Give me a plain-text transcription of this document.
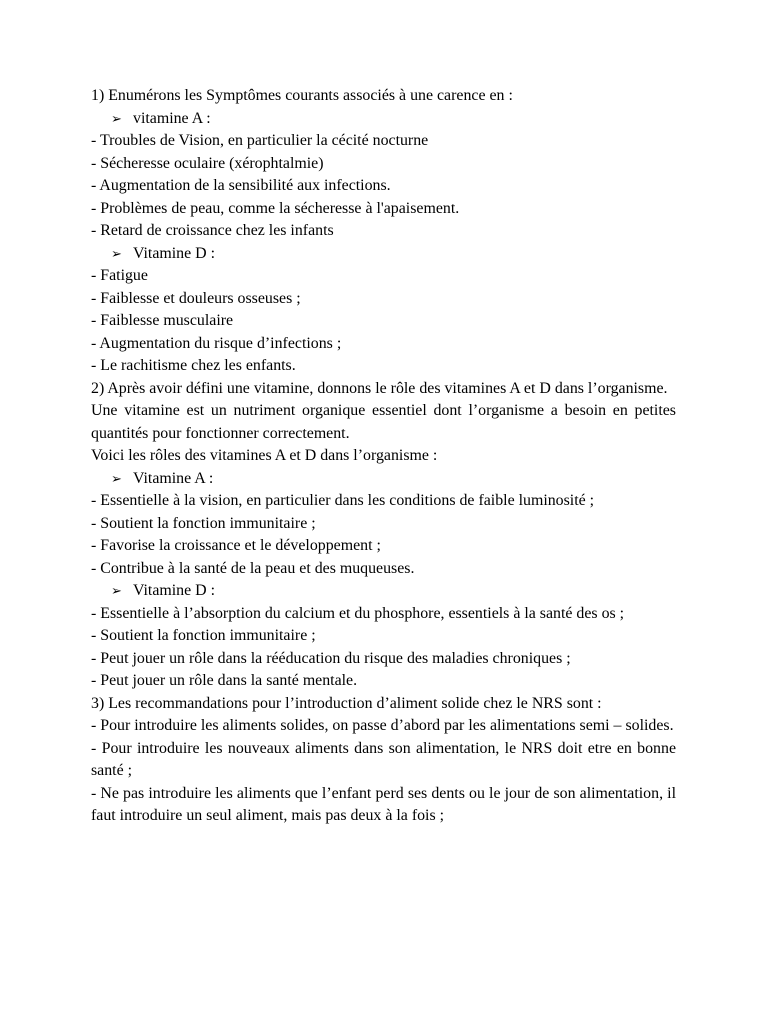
1) Enumérons les Symptômes courants associés à une carence en :
➢ vitamine A :
- Troubles de Vision, en particulier la cécité nocturne
- Sécheresse oculaire (xérophtalmie)
- Augmentation de la sensibilité aux infections.
- Problèmes de peau, comme la sécheresse à l'apaisement.
- Retard de croissance chez les infants
➢ Vitamine D :
- Fatigue
- Faiblesse et douleurs osseuses ;
- Faiblesse musculaire
- Augmentation du risque d’infections ;
- Le rachitisme chez les enfants.
2) Après avoir défini une vitamine, donnons le rôle des vitamines A et D dans l’organisme.
Une vitamine est un nutriment organique essentiel dont l’organisme a besoin en petites quantités pour fonctionner correctement.
Voici les rôles des vitamines A et D dans l’organisme :
➢ Vitamine A :
- Essentielle à la vision, en particulier dans les conditions de faible luminosité ;
- Soutient la fonction immunitaire ;
- Favorise la croissance et le développement ;
- Contribue à la santé de la peau et des muqueuses.
➢ Vitamine D :
- Essentielle à l’absorption du calcium et du phosphore, essentiels à la santé des os ;
- Soutient la fonction immunitaire ;
- Peut jouer un rôle dans la rééducation du risque des maladies chroniques ;
- Peut jouer un rôle dans la santé mentale.
3) Les recommandations pour l’introduction d’aliment solide chez le NRS sont :
- Pour introduire les aliments solides, on passe d’abord par les alimentations semi – solides.
- Pour introduire les nouveaux aliments dans son alimentation, le NRS doit etre en bonne santé ;
- Ne pas introduire les aliments que l’enfant perd ses dents ou le jour de son alimentation, il faut introduire un seul aliment, mais pas deux à la fois ;
